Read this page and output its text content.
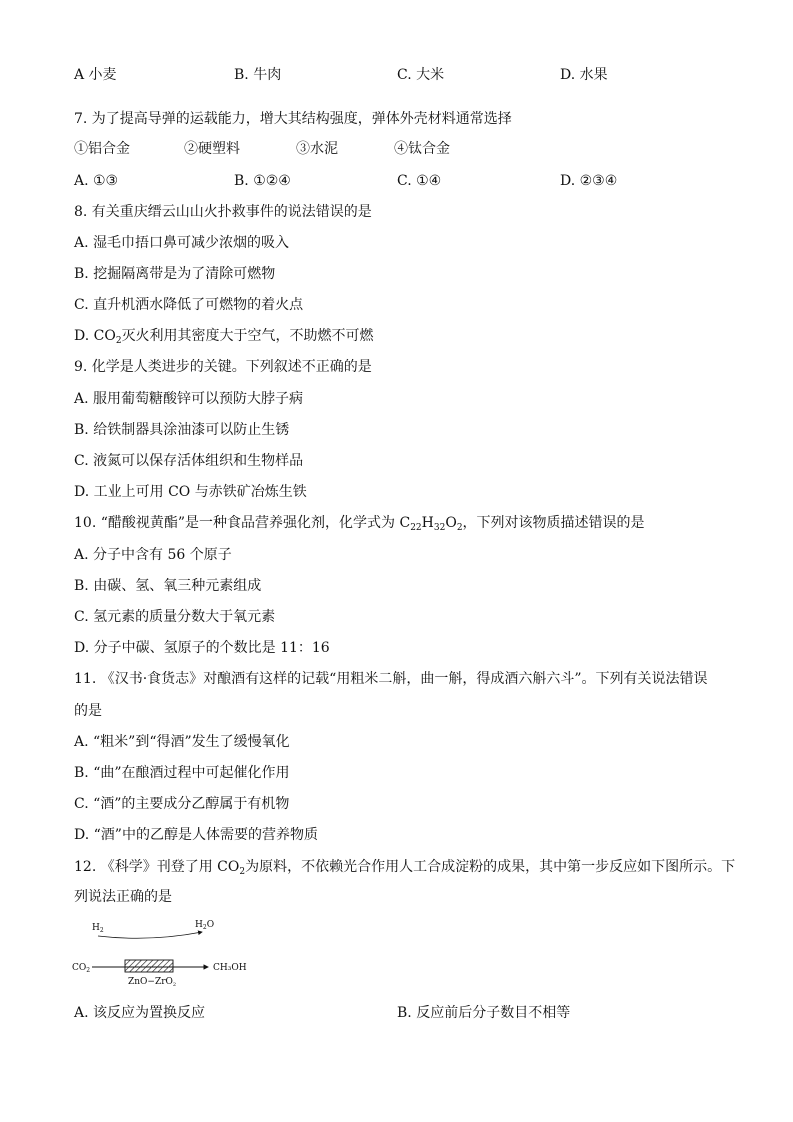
A 小麦	B. 牛肉	C. 大米	D. 水果
7. 为了提高导弹的运载能力，增大其结构强度，弹体外壳材料通常选择
①铝合金	②硬塑料	③水泥	④钛合金
A. ①③	B. ①②④	C. ①④	D. ②③④
8. 有关重庆缙云山山火扑救事件的说法错误的是
A. 湿毛巾捂口鼻可减少浓烟的吸入
B. 挖掘隔离带是为了清除可燃物
C. 直升机洒水降低了可燃物的着火点
D. $CO_2$灭火利用其密度大于空气，不助燃不可燃
9. 化学是人类进步的关键。下列叙述不正确的是
A. 服用葡萄糖酸锌可以预防大脖子病
B. 给铁制器具涂油漆可以防止生锈
C. 液氮可以保存活体组织和生物样品
D. 工业上可用 CO 与赤铁矿冶炼生铁
10. “醋酸视黄酯”是一种食品营养强化剂，化学式为 $C_{22}H_{32}O_2$，下列对该物质描述错误的是
A. 分子中含有 56 个原子
B. 由碳、氢、氧三种元素组成
C. 氢元素的质量分数大于氧元素
D. 分子中碳、氢原子的个数比是 11：16
11. 《汉书·食货志》对酿酒有这样的记载“用粗米二斛，曲一斛，得成酒六斛六斗”。下列有关说法错误
的是
A. “粗米”到“得酒”发生了缓慢氧化
B. “曲”在酿酒过程中可起催化作用
C. “酒”的主要成分乙醇属于有机物
D. “酒”中的乙醇是人体需要的营养物质
12. 《科学》刊登了用 $CO_2$为原料，不依赖光合作用人工合成淀粉的成果，其中第一步反应如下图所示。下
列说法正确的是
$H_2$
$H_2O$
$CO_2$	CH₃OH
ZnO−ZrO$_2$
A. 该反应为置换反应	B. 反应前后分子数目不相等
